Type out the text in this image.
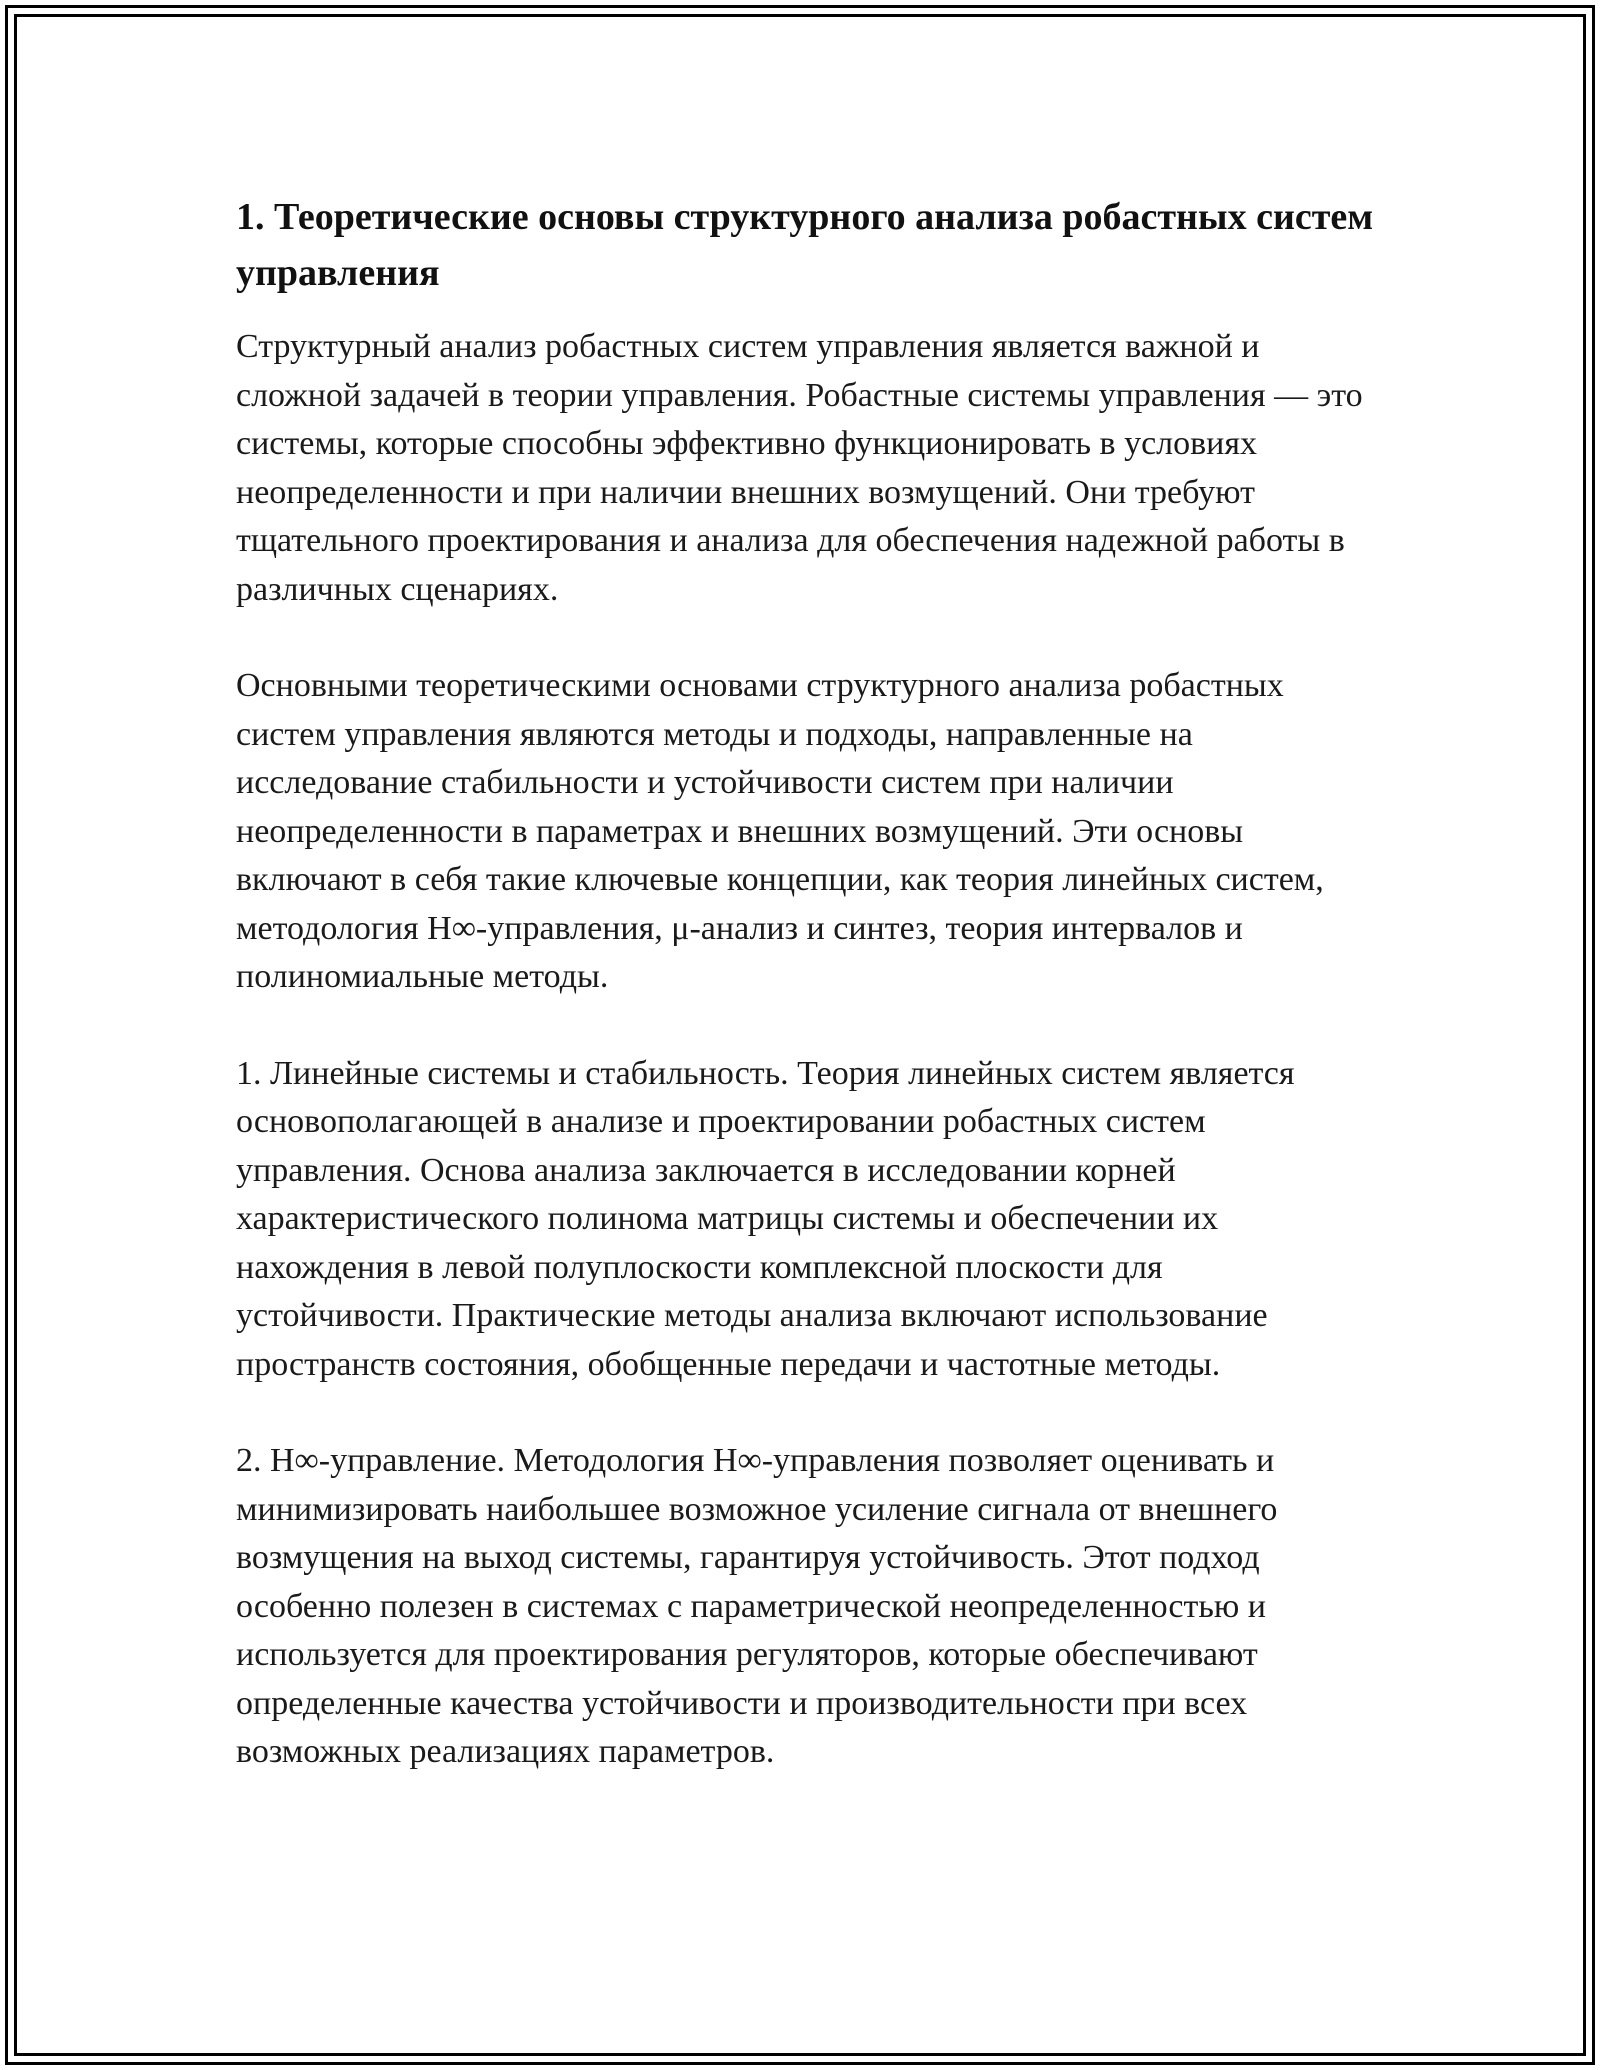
1. Теоретические основы структурного анализа робастных систем управления

Структурный анализ робастных систем управления является важной и сложной задачей в теории управления. Робастные системы управления — это системы, которые способны эффективно функционировать в условиях неопределенности и при наличии внешних возмущений. Они требуют тщательного проектирования и анализа для обеспечения надежной работы в различных сценариях.

Основными теоретическими основами структурного анализа робастных систем управления являются методы и подходы, направленные на исследование стабильности и устойчивости систем при наличии неопределенности в параметрах и внешних возмущений. Эти основы включают в себя такие ключевые концепции, как теория линейных систем, методология H∞-управления, μ-анализ и синтез, теория интервалов и полиномиальные методы.

1. Линейные системы и стабильность. Теория линейных систем является основополагающей в анализе и проектировании робастных систем управления. Основа анализа заключается в исследовании корней характеристического полинома матрицы системы и обеспечении их нахождения в левой полуплоскости комплексной плоскости для устойчивости. Практические методы анализа включают использование пространств состояния, обобщенные передачи и частотные методы.

2. H∞-управление. Методология H∞-управления позволяет оценивать и минимизировать наибольшее возможное усиление сигнала от внешнего возмущения на выход системы, гарантируя устойчивость. Этот подход особенно полезен в системах с параметрической неопределенностью и используется для проектирования регуляторов, которые обеспечивают определенные качества устойчивости и производительности при всех возможных реализациях параметров.
